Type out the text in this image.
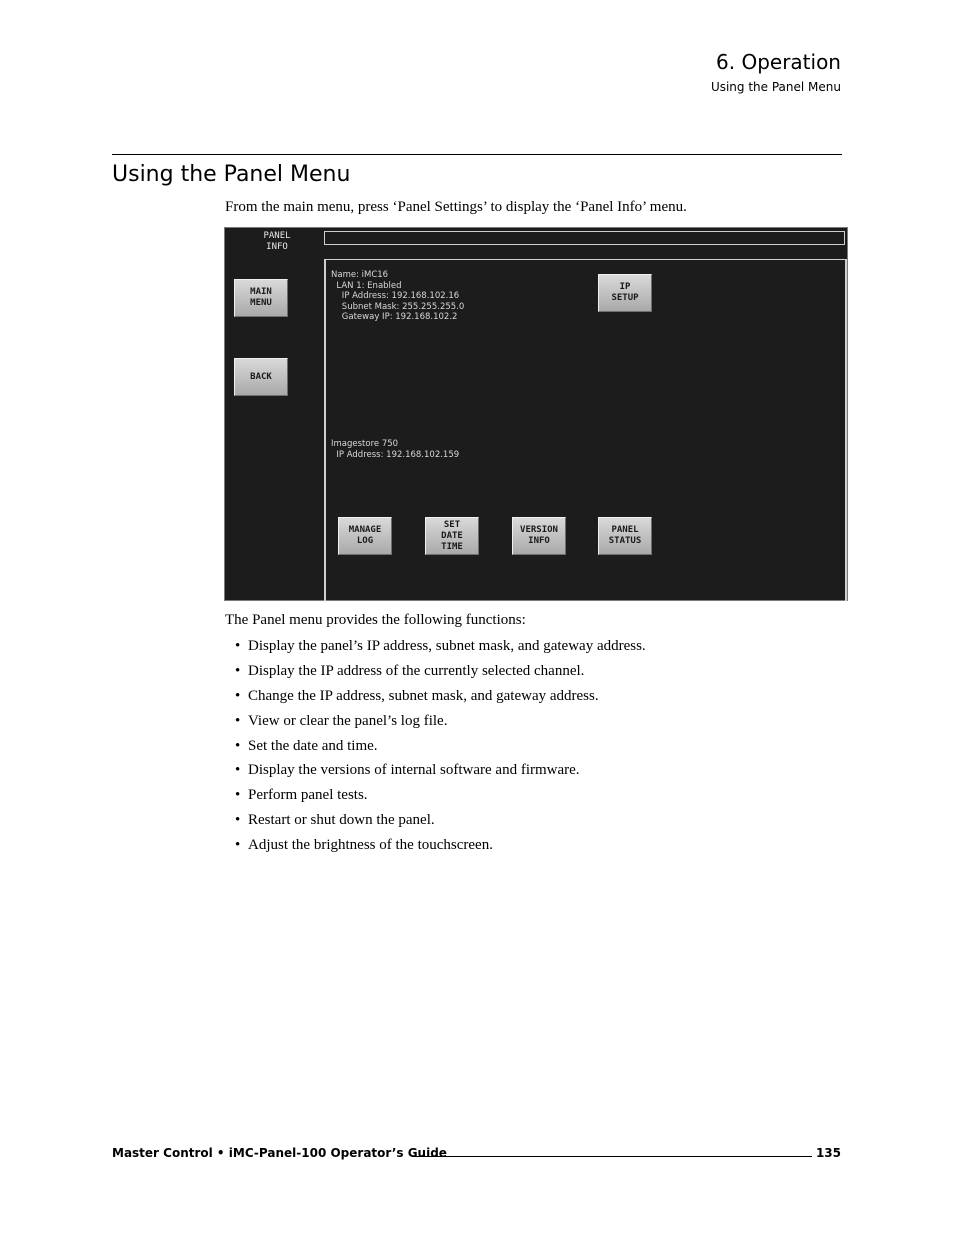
6. Operation
Using the Panel Menu
Using the Panel Menu
From the main menu, press ‘Panel Settings’ to display the ‘Panel Info’ menu.
PANEL
INFO
MAIN
MENU
BACK
IP
SETUP
Name: iMC16
LAN 1: Enabled
IP Address: 192.168.102.16
Subnet Mask: 255.255.255.0
Gateway IP: 192.168.102.2
Imagestore 750
IP Address: 192.168.102.159
MANAGE
LOG
SET
DATE
TIME
VERSION
INFO
PANEL
STATUS
The Panel menu provides the following functions:
• Display the panel’s IP address, subnet mask, and gateway address.
• Display the IP address of the currently selected channel.
• Change the IP address, subnet mask, and gateway address.
• View or clear the panel’s log file.
• Set the date and time.
• Display the versions of internal software and firmware.
• Perform panel tests.
• Restart or shut down the panel.
• Adjust the brightness of the touchscreen.
Master Control • iMC-Panel-100 Operator’s Guide	135
